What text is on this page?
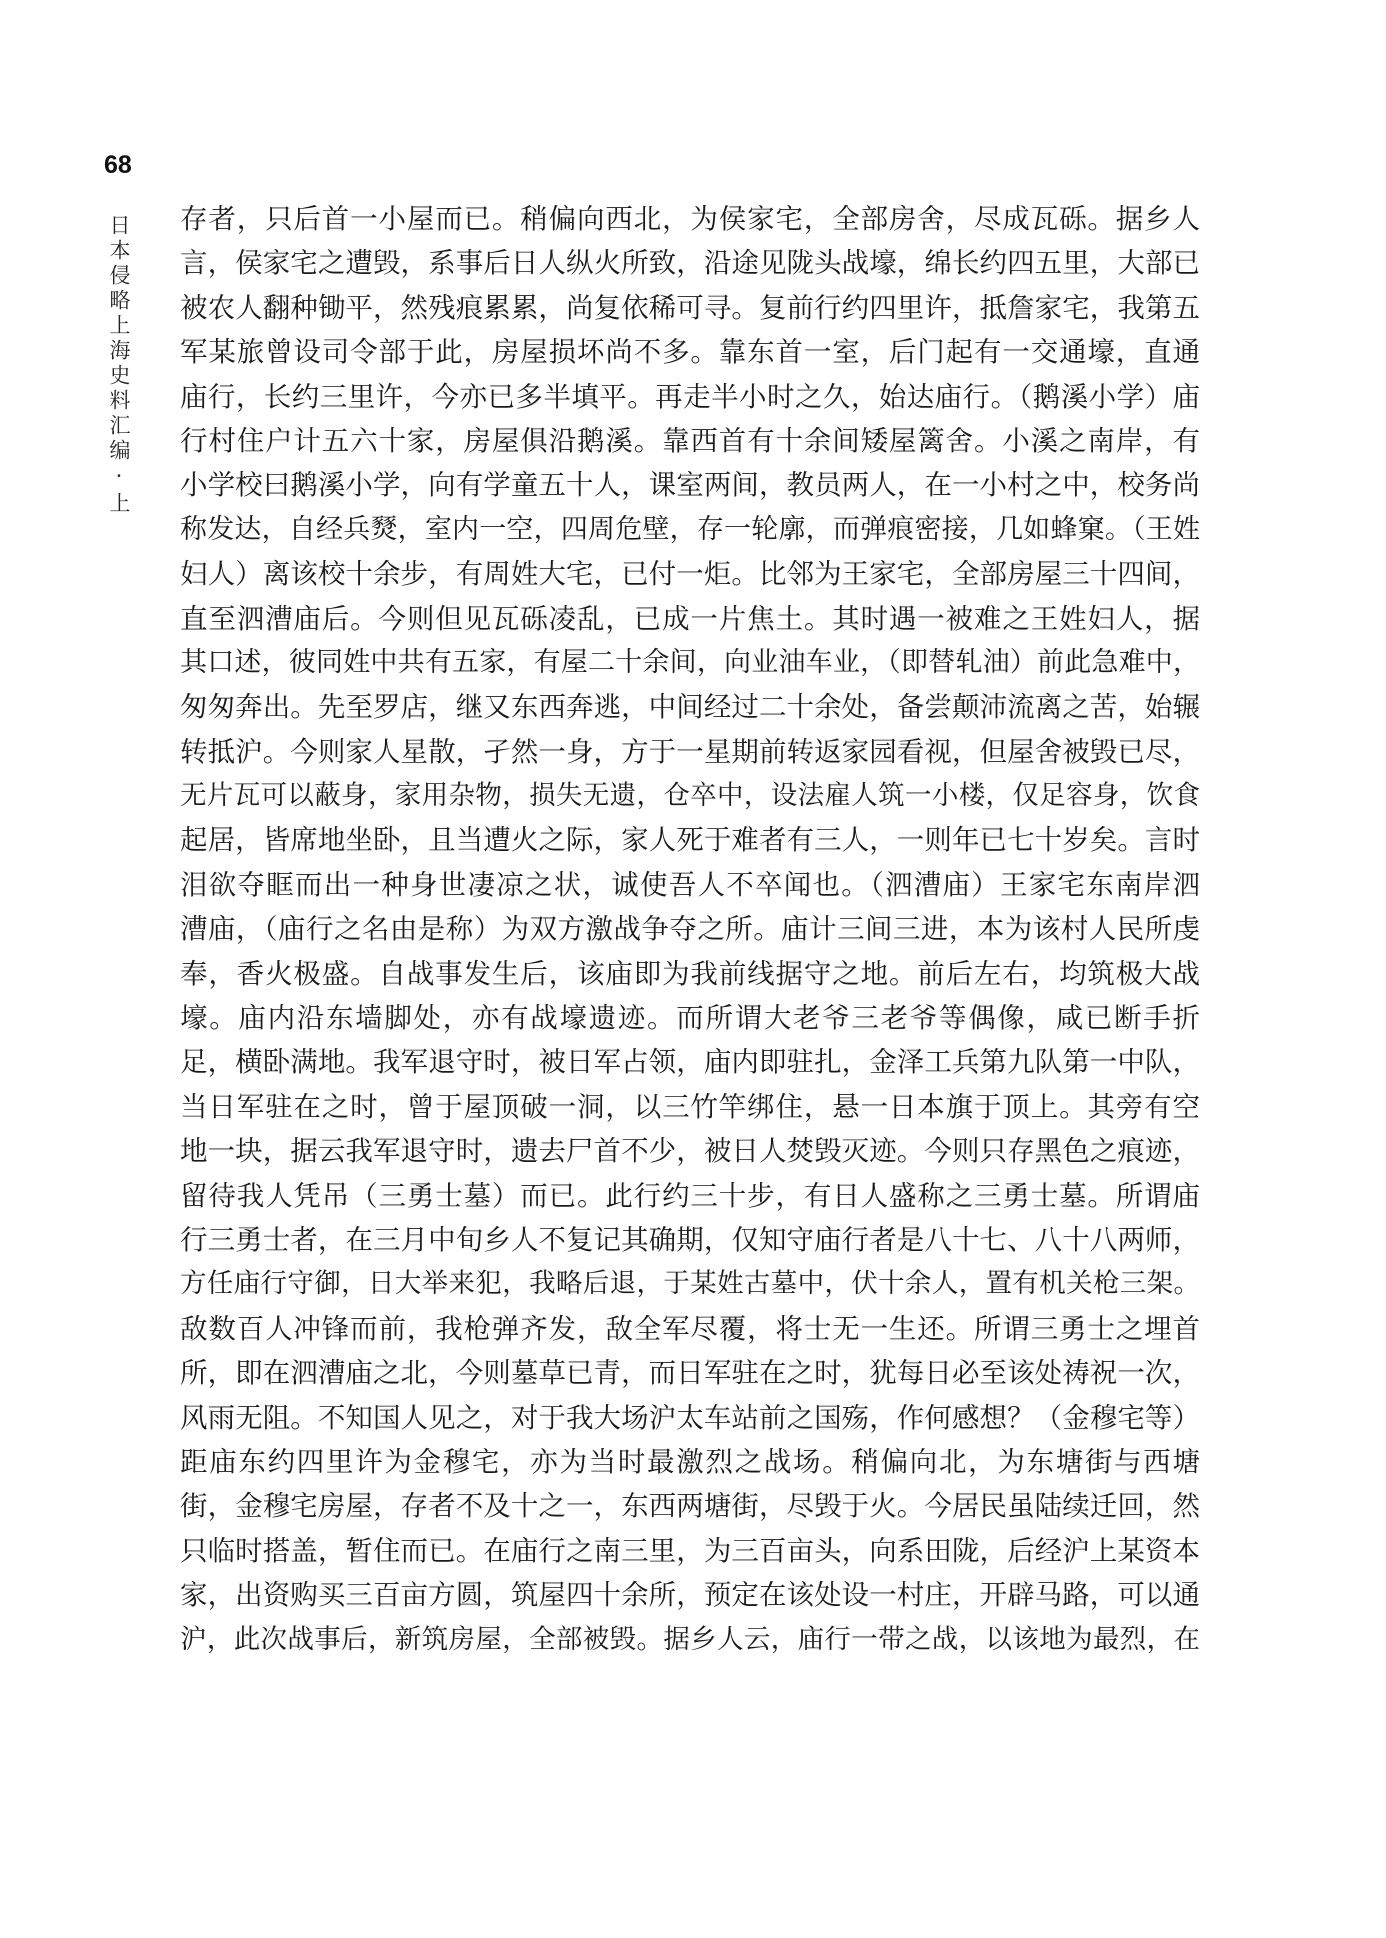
68
日本侵略上海史料汇编·上 存者，只后首一小屋而已。稍偏向西北，为侯家宅，全部房舍，尽成瓦砾。据乡人
言，侯家宅之遭毁，系事后日人纵火所致，沿途见陇头战壕，绵长约四五里，大部已
被农人翻种锄平，然残痕累累，尚复依稀可寻。复前行约四里许，抵詹家宅，我第五
军某旅曾设司令部于此，房屋损坏尚不多。靠东首一室，后门起有一交通壕，直通
庙行，长约三里许，今亦已多半填平。再走半小时之久，始达庙行。（鹅溪小学）庙
行村住户计五六十家，房屋俱沿鹅溪。靠西首有十余间矮屋篱舍。小溪之南岸，有
小学校曰鹅溪小学，向有学童五十人，课室两间，教员两人，在一小村之中，校务尚
称发达，自经兵燹，室内一空，四周危壁，存一轮廓，而弹痕密接，几如蜂窠。（王姓
妇人）离该校十余步，有周姓大宅，已付一炬。比邻为王家宅，全部房屋三十四间，
直至泗漕庙后。今则但见瓦砾凌乱，已成一片焦土。其时遇一被难之王姓妇人，据
其口述，彼同姓中共有五家，有屋二十余间，向业油车业，（即替轧油）前此急难中，
匆匆奔出。先至罗店，继又东西奔逃，中间经过二十余处，备尝颠沛流离之苦，始辗
转抵沪。今则家人星散，孑然一身，方于一星期前转返家园看视，但屋舍被毁已尽，
无片瓦可以蔽身，家用杂物，损失无遗，仓卒中，设法雇人筑一小楼，仅足容身，饮食
起居，皆席地坐卧，且当遭火之际，家人死于难者有三人，一则年已七十岁矣。言时
泪欲夺眶而出一种身世凄凉之状，诚使吾人不卒闻也。（泗漕庙）王家宅东南岸泗
漕庙，（庙行之名由是称）为双方激战争夺之所。庙计三间三进，本为该村人民所虔
奉，香火极盛。自战事发生后，该庙即为我前线据守之地。前后左右，均筑极大战
壕。庙内沿东墙脚处，亦有战壕遗迹。而所谓大老爷三老爷等偶像，咸已断手折
足，横卧满地。我军退守时，被日军占领，庙内即驻扎，金泽工兵第九队第一中队，
当日军驻在之时，曾于屋顶破一洞，以三竹竿绑住，悬一日本旗于顶上。其旁有空
地一块，据云我军退守时，遗去尸首不少，被日人焚毁灭迹。今则只存黑色之痕迹，
留待我人凭吊（三勇士墓）而已。此行约三十步，有日人盛称之三勇士墓。所谓庙
行三勇士者，在三月中旬乡人不复记其确期，仅知守庙行者是八十七、八十八两师，
方任庙行守御，日大举来犯，我略后退，于某姓古墓中，伏十余人，置有机关枪三架。
敌数百人冲锋而前，我枪弹齐发，敌全军尽覆，将士无一生还。所谓三勇士之埋首
所，即在泗漕庙之北，今则墓草已青，而日军驻在之时，犹每日必至该处祷祝一次，
风雨无阻。不知国人见之，对于我大场沪太车站前之国殇，作何感想？（金穆宅等）
距庙东约四里许为金穆宅，亦为当时最激烈之战场。稍偏向北，为东塘街与西塘
街，金穆宅房屋，存者不及十之一，东西两塘街，尽毁于火。今居民虽陆续迁回，然
只临时搭盖，暂住而已。在庙行之南三里，为三百亩头，向系田陇，后经沪上某资本
家，出资购买三百亩方圆，筑屋四十余所，预定在该处设一村庄，开辟马路，可以通
沪，此次战事后，新筑房屋，全部被毁。据乡人云，庙行一带之战，以该地为最烈，在
